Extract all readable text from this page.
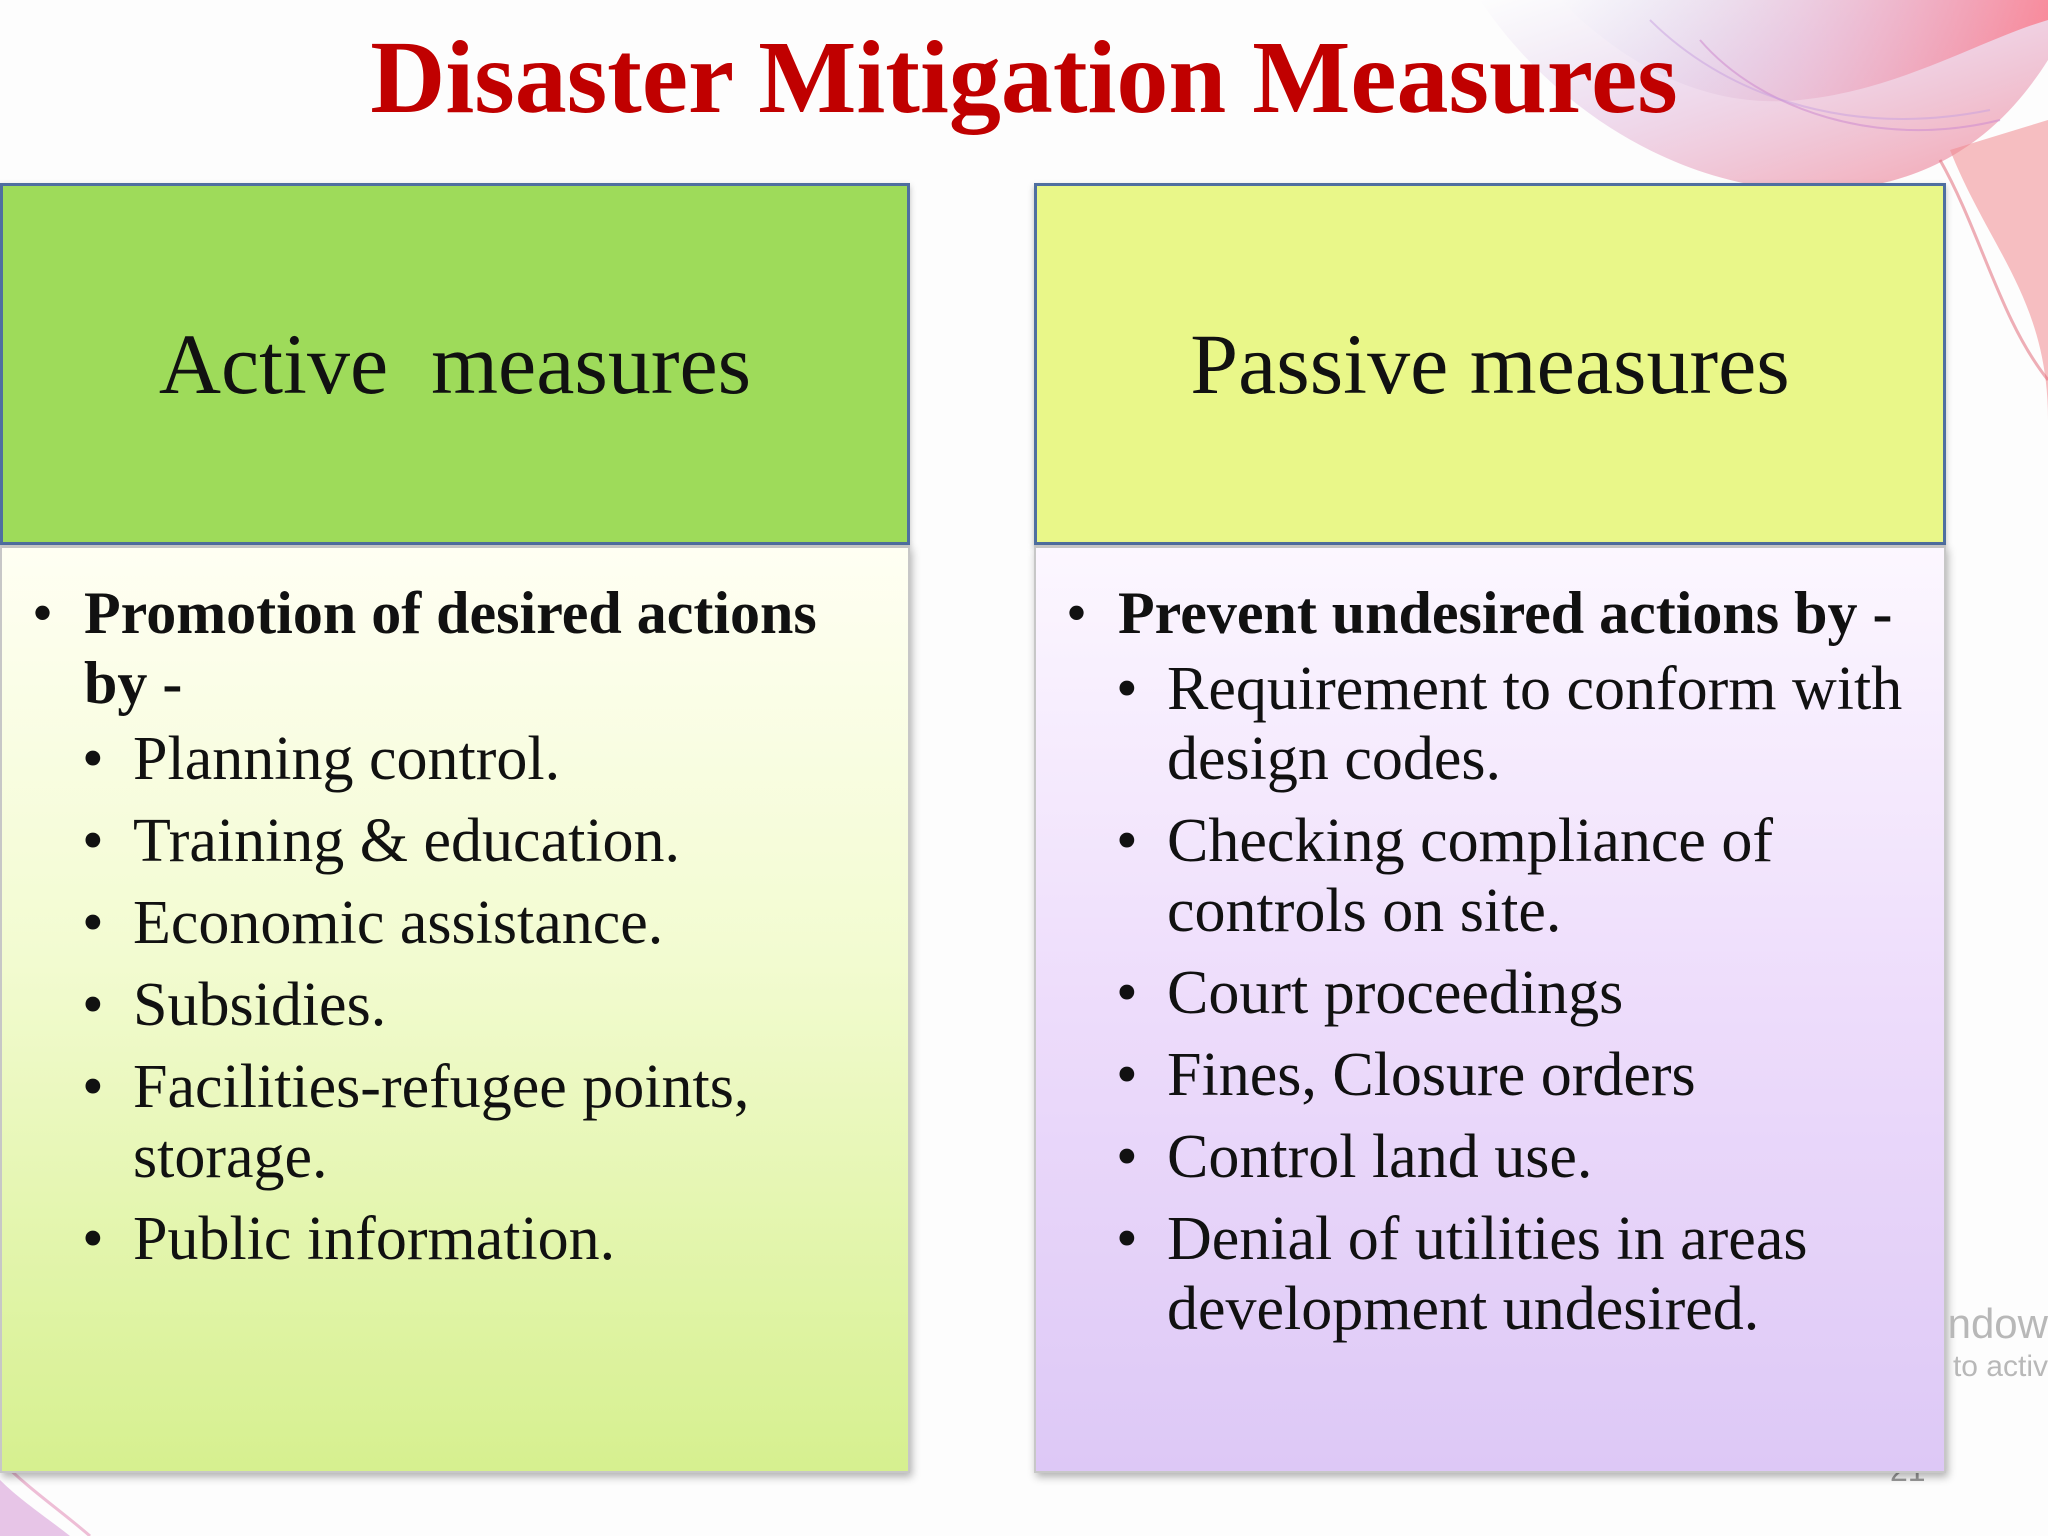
Disaster Mitigation Measures
Active  measures
• Promotion of desired actions by -
• Planning control.
• Training & education.
• Economic assistance.
• Subsidies.
• Facilities-refugee points, storage.
• Public information.
Passive measures
• Prevent undesired actions by -
• Requirement to conform with design codes.
• Checking compliance of controls on site.
• Court proceedings
• Fines, Closure orders
• Control land use.
• Denial of utilities in areas development undesired.	ndow
to activ
